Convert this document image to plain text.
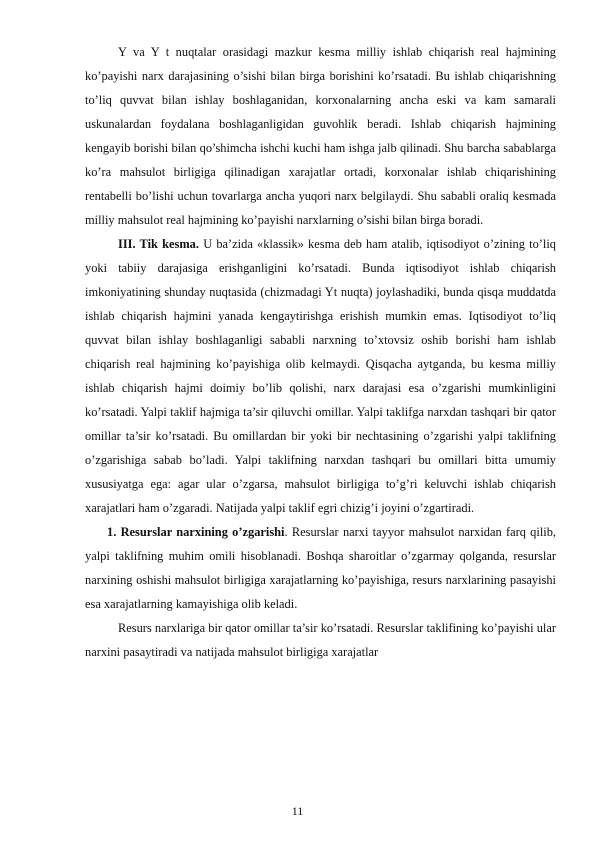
Y va Y t nuqtalar orasidagi mazkur kesma milliy ishlab chiqarish real hajmining ko’payishi narx darajasining o’sishi bilan birga borishini ko’rsatadi. Bu ishlab chiqarishning to’liq quvvat bilan ishlay boshlaganidan, korxonalarning ancha eski va kam samarali uskunalardan foydalana boshlaganligidan guvohlik beradi. Ishlab chiqarish hajmining kengayib borishi bilan qo’shimcha ishchi kuchi ham ishga jalb qilinadi. Shu barcha sabablarga ko’ra mahsulot birligiga qilinadigan xarajatlar ortadi, korxonalar ishlab chiqarishining rentabelli bo’lishi uchun tovarlarga ancha yuqori narx belgilaydi. Shu sababli oraliq kesmada milliy mahsulot real hajmining ko’payishi narxlarning o’sishi bilan birga boradi.

III. Tik kesma. U ba’zida «klassik» kesma deb ham atalib, iqtisodiyot o’zining to’liq yoki tabiiy darajasiga erishganligini ko’rsatadi. Bunda iqtisodiyot ishlab chiqarish imkoniyatining shunday nuqtasida (chizmadagi Yt nuqta) joylashadiki, bunda qisqa muddatda ishlab chiqarish hajmini yanada kengaytirishga erishish mumkin emas. Iqtisodiyot to’liq quvvat bilan ishlay boshlaganligi sababli narxning to’xtovsiz oshib borishi ham ishlab chiqarish real hajmining ko’payishiga olib kelmaydi. Qisqacha aytganda, bu kesma milliy ishlab chiqarish hajmi doimiy bo’lib qolishi, narx darajasi esa o’zgarishi mumkinligini ko’rsatadi. Yalpi taklif hajmiga ta’sir qiluvchi omillar. Yalpi taklifga narxdan tashqari bir qator omillar ta’sir ko’rsatadi. Bu omillardan bir yoki bir nechtasining o’zgarishi yalpi taklifning o’zgarishiga sabab bo’ladi. Yalpi taklifning narxdan tashqari bu omillari bitta umumiy xususiyatga ega: agar ular o’zgarsa, mahsulot birligiga to’g’ri keluvchi ishlab chiqarish xarajatlari ham o’zgaradi. Natijada yalpi taklif egri chizig’i joyini o’zgartiradi.

1. Resurslar narxining o’zgarishi. Resurslar narxi tayyor mahsulot narxidan farq qilib, yalpi taklifning muhim omili hisoblanadi. Boshqa sharoitlar o’zgarmay qolganda, resurslar narxining oshishi mahsulot birligiga xarajatlarning ko’payishiga, resurs narxlarining pasayishi esa xarajatlarning kamayishiga olib keladi.

Resurs narxlariga bir qator omillar ta’sir ko’rsatadi. Resurslar taklifining ko’payishi ular narxini pasaytiradi va natijada mahsulot birligiga xarajatlar

11
